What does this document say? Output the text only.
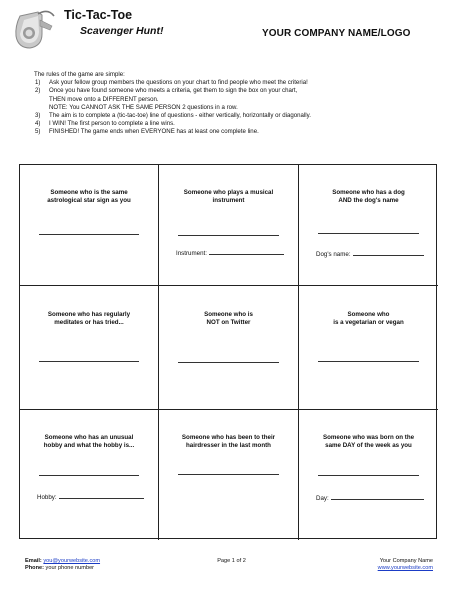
Tic-Tac-Toe
Scavenger Hunt!	YOUR COMPANY NAME/LOGO
The rules of the game are simple:
1) Ask your fellow group members the questions on your chart to find people who meet the criteria!
2) Once you have found someone who meets a criteria, get them to sign the box on your chart,
THEN move onto a DIFFERENT person.
NOTE: You CANNOT ASK THE SAME PERSON 2 questions in a row.
3) The aim is to complete a (tic-tac-toe) line of questions - either vertically, horizontally or diagonally.
4) I WIN! The first person to complete a line wins.
5) FINISHED! The game ends when EVERYONE has at least one complete line.
Someone who is the same
astrological star sign as you
Someone who plays a musical
instrument
Instrument:
Someone who has a dog
AND the dog's name
Dog's name:
Someone who has regularly
meditates or has tried...
Someone who is
NOT on Twitter
Someone who
is a vegetarian or vegan
Someone who has an unusual
hobby and what the hobby is...
Hobby:
Someone who has been to their
hairdresser in the last month
Someone who was born on the
same DAY of the week as you
Day:
Email: you@yourwebsite.com
Phone: your phone number
Page 1 of 2	Your Company Name
www.yourwebsite.com
